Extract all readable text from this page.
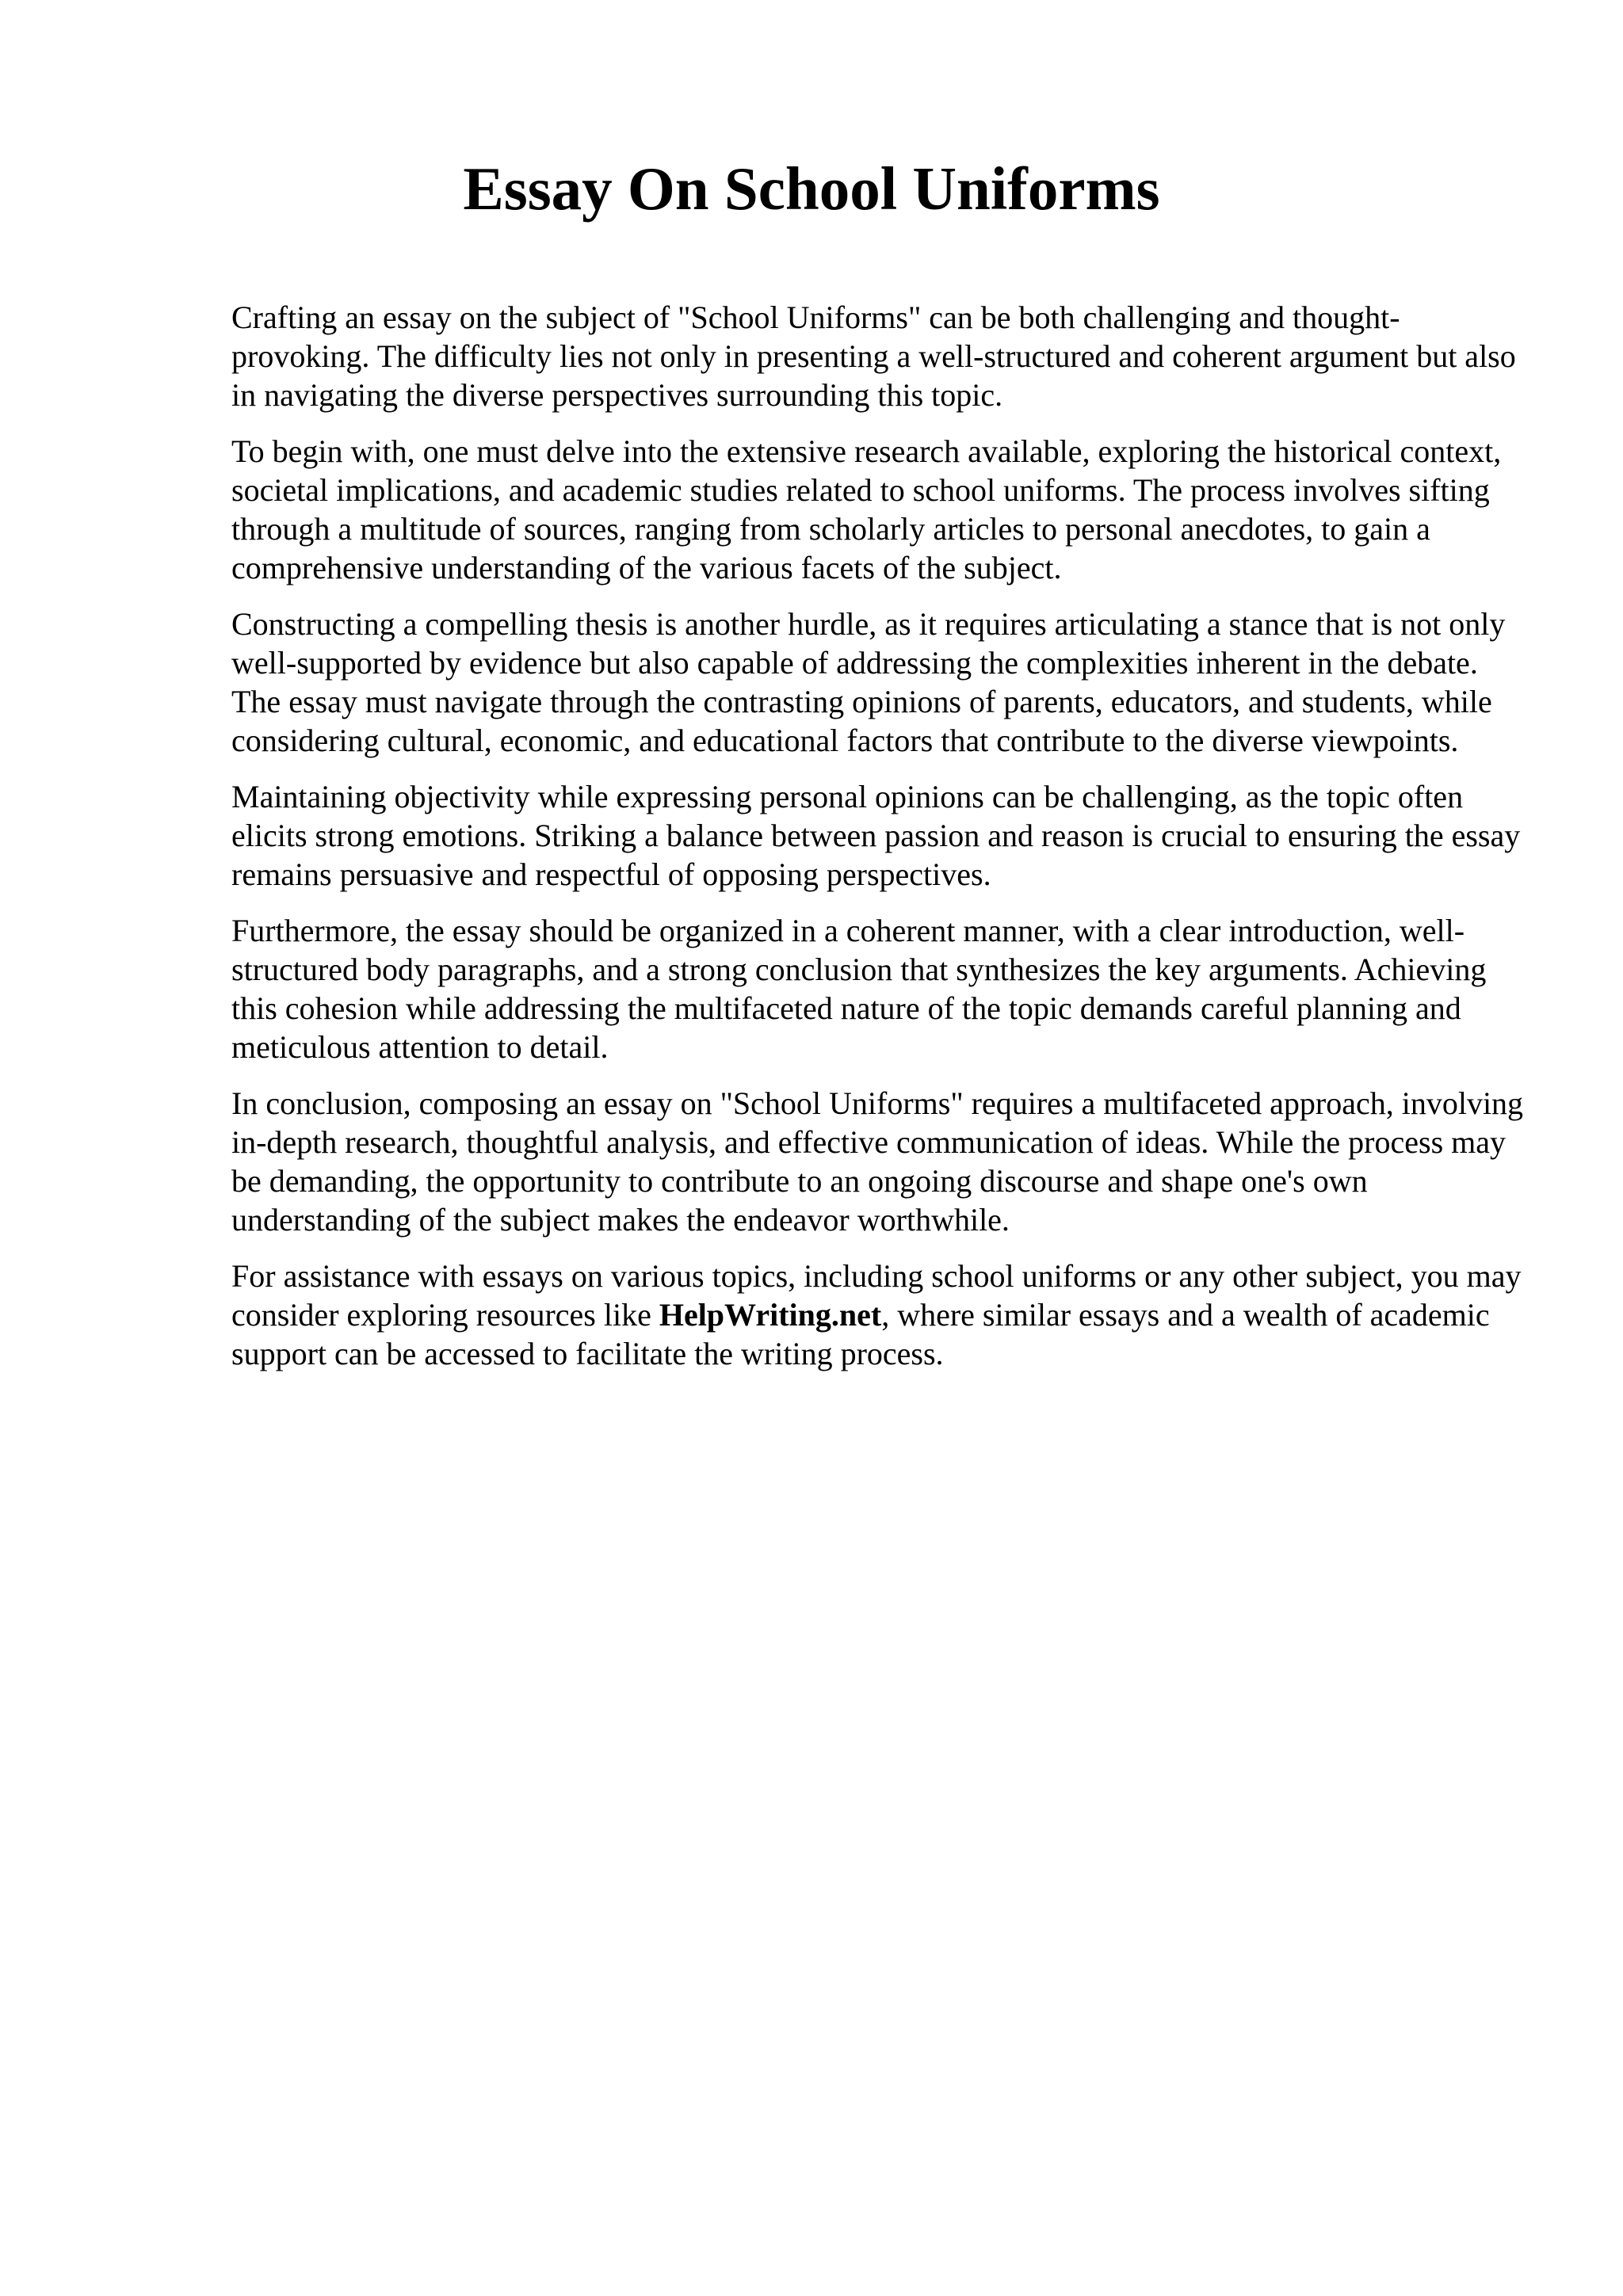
Essay On School Uniforms

Crafting an essay on the subject of "School Uniforms" can be both challenging and thought-provoking. The difficulty lies not only in presenting a well-structured and coherent argument but also in navigating the diverse perspectives surrounding this topic.

To begin with, one must delve into the extensive research available, exploring the historical context, societal implications, and academic studies related to school uniforms. The process involves sifting through a multitude of sources, ranging from scholarly articles to personal anecdotes, to gain a comprehensive understanding of the various facets of the subject.

Constructing a compelling thesis is another hurdle, as it requires articulating a stance that is not only well-supported by evidence but also capable of addressing the complexities inherent in the debate. The essay must navigate through the contrasting opinions of parents, educators, and students, while considering cultural, economic, and educational factors that contribute to the diverse viewpoints.

Maintaining objectivity while expressing personal opinions can be challenging, as the topic often elicits strong emotions. Striking a balance between passion and reason is crucial to ensuring the essay remains persuasive and respectful of opposing perspectives.

Furthermore, the essay should be organized in a coherent manner, with a clear introduction, well-structured body paragraphs, and a strong conclusion that synthesizes the key arguments. Achieving this cohesion while addressing the multifaceted nature of the topic demands careful planning and meticulous attention to detail.

In conclusion, composing an essay on "School Uniforms" requires a multifaceted approach, involving in-depth research, thoughtful analysis, and effective communication of ideas. While the process may be demanding, the opportunity to contribute to an ongoing discourse and shape one's own understanding of the subject makes the endeavor worthwhile.

For assistance with essays on various topics, including school uniforms or any other subject, you may consider exploring resources like HelpWriting.net, where similar essays and a wealth of academic support can be accessed to facilitate the writing process.
